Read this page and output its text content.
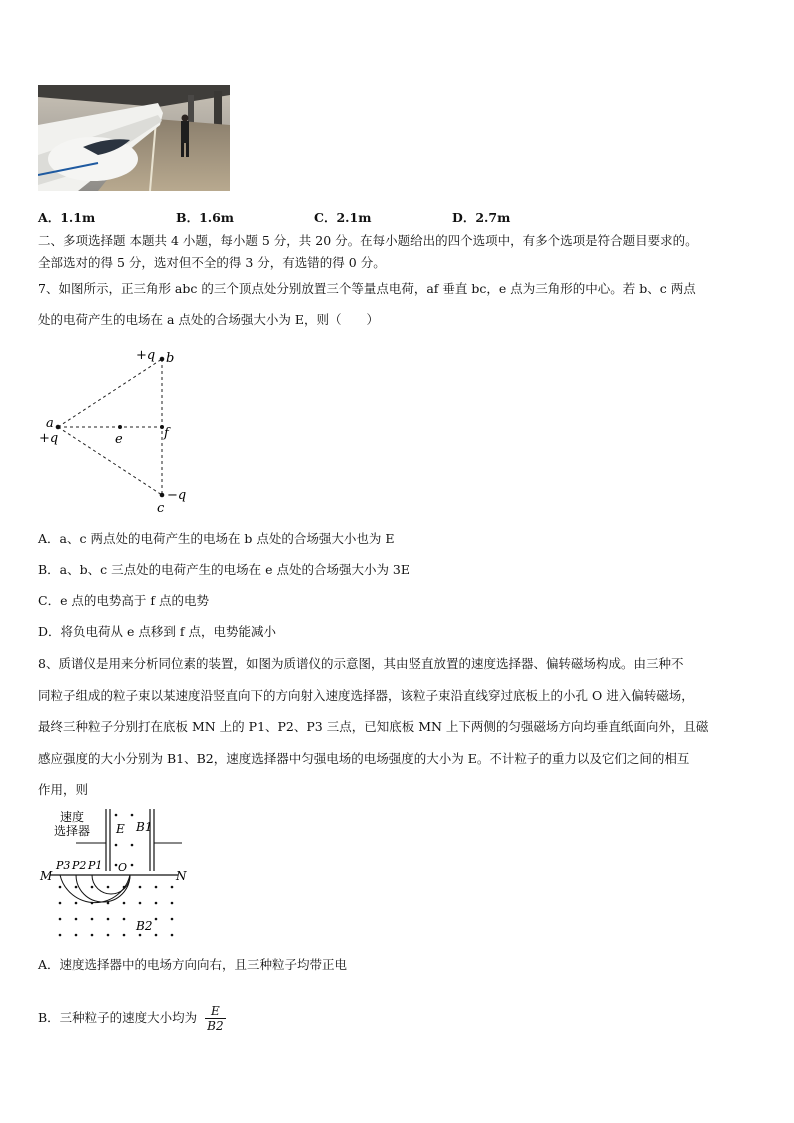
A．1.1m	B．1.6m	C．2.1m	D．2.7m
二、多项选择题 本题共 4 小题，每小题 5 分，共 20 分。在每小题给出的四个选项中，有多个选项是符合题目要求的。
全部选对的得 5 分，选对但不全的得 3 分，有选错的得 0 分。
7、如图所示，正三角形 abc 的三个顶点处分别放置三个等量点电荷，af 垂直 bc，e 点为三角形的中心。若 b、c 两点
处的电荷产生的电场在 a 点处的合场强大小为 E，则（　　）
+q b
a
+q	e	f
−q
c
A．a、c 两点处的电荷产生的电场在 b 点处的合场强大小也为 E
B．a、b、c 三点处的电荷产生的电场在 e 点处的合场强大小为 3E
C．e 点的电势高于 f 点的电势
D．将负电荷从 e 点移到 f 点，电势能减小
8、质谱仪是用来分析同位素的装置，如图为质谱仪的示意图，其由竖直放置的速度选择器、偏转磁场构成。由三种不
同粒子组成的粒子束以某速度沿竖直向下的方向射入速度选择器，该粒子束沿直线穿过底板上的小孔 O 进入偏转磁场，
最终三种粒子分别打在底板 MN 上的 P1、P2、P3 三点，已知底板 MN 上下两侧的匀强磁场方向均垂直纸面向外，且磁
感应强度的大小分别为 B1、B2，速度选择器中匀强电场的电场强度的大小为 E。不计粒子的重力以及它们之间的相互
作用，则
速度
选择器 E B1
M	N
P3 P2 P1 O
B2
A．速度选择器中的电场方向向右，且三种粒子均带正电
B．三种粒子的速度大小均为 $\frac{E}{B2}$
